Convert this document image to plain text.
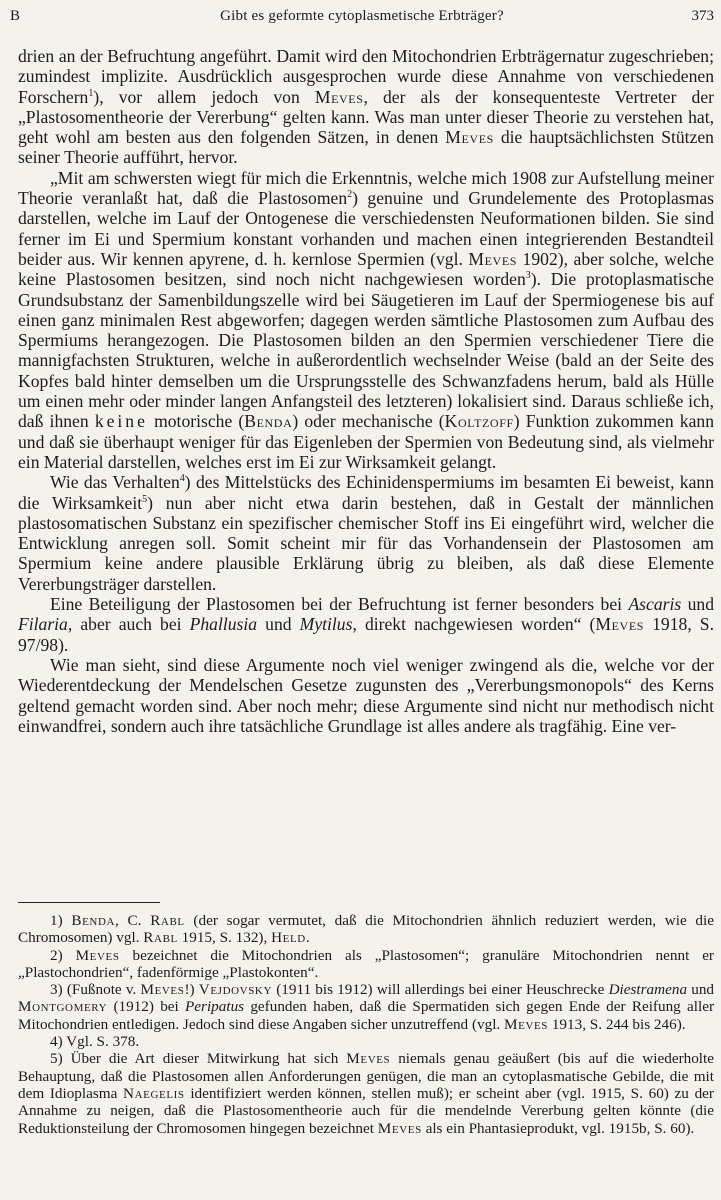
B	Gibt es geformte cytoplasmetische Erbträger?	373

drien an der Befruchtung angeführt. Damit wird den Mitochondrien Erbträgernatur zugeschrieben; zumindest implizite. Ausdrücklich ausgesprochen wurde diese Annahme von verschiedenen Forschern$^1$), vor allem jedoch von Meves, der als der konsequenteste Vertreter der „Plastosomentheorie der Vererbung“ gelten kann. Was man unter dieser Theorie zu verstehen hat, geht wohl am besten aus den folgenden Sätzen, in denen Meves die hauptsächlichsten Stützen seiner Theorie aufführt, hervor.

„Mit am schwersten wiegt für mich die Erkenntnis, welche mich 1908 zur Aufstellung meiner Theorie veranlaßt hat, daß die Plastosomen$^2$) genuine und Grundelemente des Protoplasmas darstellen, welche im Lauf der Ontogenese die verschiedensten Neuformationen bilden. Sie sind ferner im Ei und Spermium konstant vorhanden und machen einen integrierenden Bestandteil beider aus. Wir kennen apyrene, d. h. kernlose Spermien (vgl. Meves 1902), aber solche, welche keine Plastosomen besitzen, sind noch nicht nachgewiesen worden$^3$). Die protoplasmatische Grundsubstanz der Samenbildungszelle wird bei Säugetieren im Lauf der Spermiogenese bis auf einen ganz minimalen Rest abgeworfen; dagegen werden sämtliche Plastosomen zum Aufbau des Spermiums herangezogen. Die Plastosomen bilden an den Spermien verschiedener Tiere die mannigfachsten Strukturen, welche in außerordentlich wechselnder Weise (bald an der Seite des Kopfes bald hinter demselben um die Ursprungsstelle des Schwanzfadens herum, bald als Hülle um einen mehr oder minder langen Anfangsteil des letzteren) lokalisiert sind. Daraus schließe ich, daß ihnen keine motorische (Benda) oder mechanische (Koltzoff) Funktion zukommen kann und daß sie überhaupt weniger für das Eigenleben der Spermien von Bedeutung sind, als vielmehr ein Material darstellen, welches erst im Ei zur Wirksamkeit gelangt.

Wie das Verhalten$^4$) des Mittelstücks des Echinidenspermiums im besamten Ei beweist, kann die Wirksamkeit$^5$) nun aber nicht etwa darin bestehen, daß in Gestalt der männlichen plastosomatischen Substanz ein spezifischer chemischer Stoff ins Ei eingeführt wird, welcher die Entwicklung anregen soll. Somit scheint mir für das Vorhandensein der Plastosomen am Spermium keine andere plausible Erklärung übrig zu bleiben, als daß diese Elemente Vererbungsträger darstellen.

Eine Beteiligung der Plastosomen bei der Befruchtung ist ferner besonders bei Ascaris und Filaria, aber auch bei Phallusia und Mytilus, direkt nachgewiesen worden“ (Meves 1918, S. 97/98).

Wie man sieht, sind diese Argumente noch viel weniger zwingend als die, welche vor der Wiederentdeckung der Mendelschen Gesetze zugunsten des „Vererbungsmonopols“ des Kerns geltend gemacht worden sind. Aber noch mehr; diese Argumente sind nicht nur methodisch nicht einwandfrei, sondern auch ihre tatsächliche Grundlage ist alles andere als tragfähig. Eine ver-

1) Benda, C. Rabl (der sogar vermutet, daß die Mitochondrien ähnlich reduziert werden, wie die Chromosomen) vgl. Rabl 1915, S. 132), Held.

2) Meves bezeichnet die Mitochondrien als „Plastosomen“; granuläre Mitochondrien nennt er „Plastochondrien“, fadenförmige „Plastokonten“.

3) (Fußnote v. Meves!) Vejdovsky (1911 bis 1912) will allerdings bei einer Heuschrecke Diestramena und Montgomery (1912) bei Peripatus gefunden haben, daß die Spermatiden sich gegen Ende der Reifung aller Mitochondrien entledigen. Jedoch sind diese Angaben sicher unzutreffend (vgl. Meves 1913, S. 244 bis 246).

4) Vgl. S. 378.

5) Über die Art dieser Mitwirkung hat sich Meves niemals genau geäußert (bis auf die wiederholte Behauptung, daß die Plastosomen allen Anforderungen genügen, die man an cytoplasmatische Gebilde, die mit dem Idioplasma Naegelis identifiziert werden können, stellen muß); er scheint aber (vgl. 1915, S. 60) zu der Annahme zu neigen, daß die Plastosomentheorie auch für die mendelnde Vererbung gelten könnte (die Reduktionsteilung der Chromosomen hingegen bezeichnet Meves als ein Phantasieprodukt, vgl. 1915b, S. 60).
